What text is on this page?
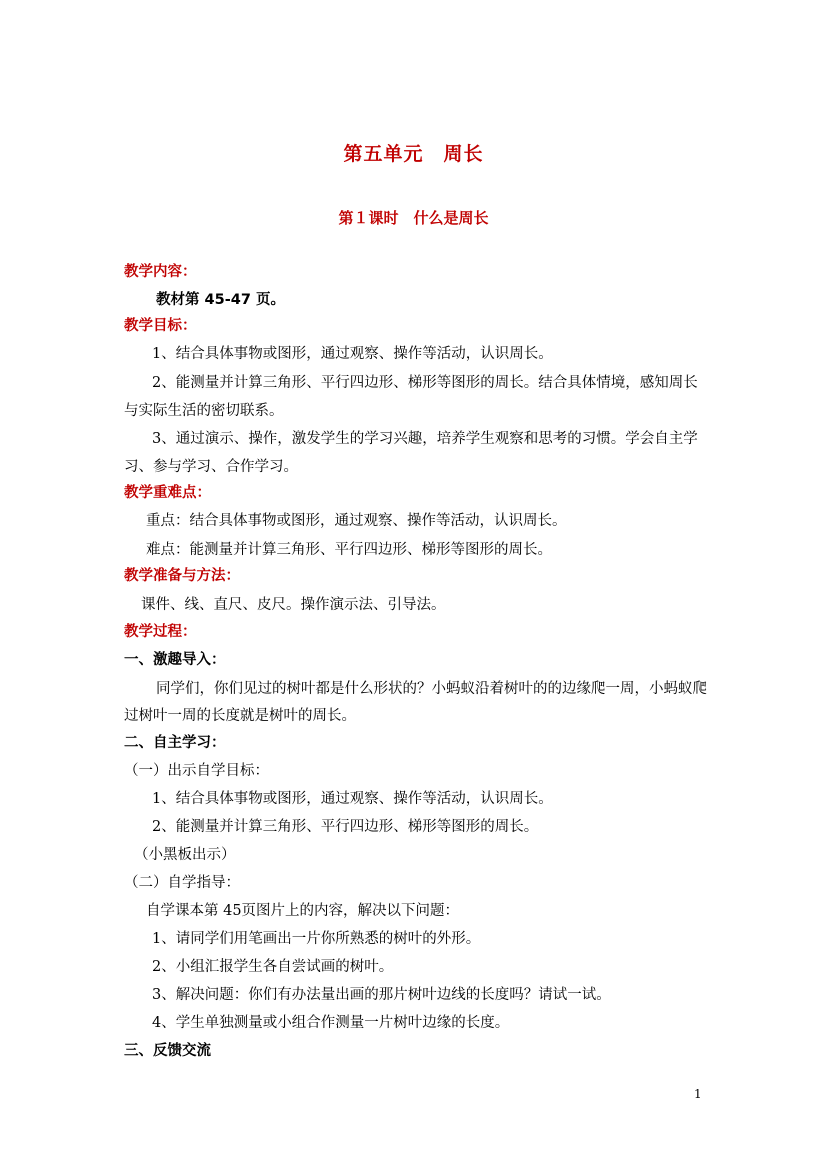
第五单元　周长
第１课时　什么是周长
教学内容：
教材第 45-47 页。
教学目标：
1、结合具体事物或图形，通过观察、操作等活动，认识周长。
2、能测量并计算三角形、平行四边形、梯形等图形的周长。结合具体情境，感知周长
与实际生活的密切联系。
3、通过演示、操作，激发学生的学习兴趣，培养学生观察和思考的习惯。学会自主学
习、参与学习、合作学习。
教学重难点：
重点：结合具体事物或图形，通过观察、操作等活动，认识周长。
难点：能测量并计算三角形、平行四边形、梯形等图形的周长。
教学准备与方法：
课件、线、直尺、皮尺。操作演示法、引导法。
教学过程：
一、激趣导入：
同学们，你们见过的树叶都是什么形状的？小蚂蚁沿着树叶的的边缘爬一周，小蚂蚁爬
过树叶一周的长度就是树叶的周长。
二、自主学习：
（一）出示自学目标：
1、结合具体事物或图形，通过观察、操作等活动，认识周长。
2、能测量并计算三角形、平行四边形、梯形等图形的周长。
（小黑板出示）
（二）自学指导：
自学课本第 45页图片上的内容，解决以下问题：
1、请同学们用笔画出一片你所熟悉的树叶的外形。
2、小组汇报学生各自尝试画的树叶。
3、解决问题：你们有办法量出画的那片树叶边线的长度吗？请试一试。
4、学生单独测量或小组合作测量一片树叶边缘的长度。
三、反馈交流
1
